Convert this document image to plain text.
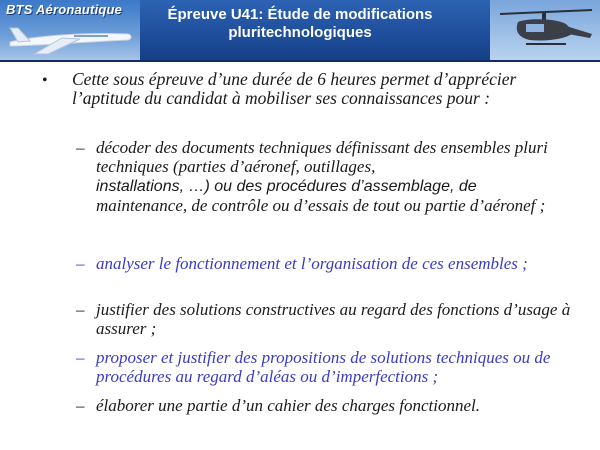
BTS Aéronautique	Épreuve U41: Étude de modifications pluritechnologiques
• Cette sous épreuve d’une durée de 6 heures permet d’apprécier l’aptitude du candidat à mobiliser ses connaissances pour :
– décoder des documents techniques définissant des ensembles pluri techniques (parties d’aéronef, outillages,
installations, …) ou des procédures d’assemblage, de
maintenance, de contrôle ou d’essais de tout ou partie d’aéronef ;
– analyser le fonctionnement et l’organisation de ces ensembles ;
– justifier des solutions constructives au regard des fonctions d’usage à assurer ;
– proposer et justifier des propositions de solutions techniques ou de procédures au regard d’aléas ou d’imperfections ;
– élaborer une partie d’un cahier des charges fonctionnel.
